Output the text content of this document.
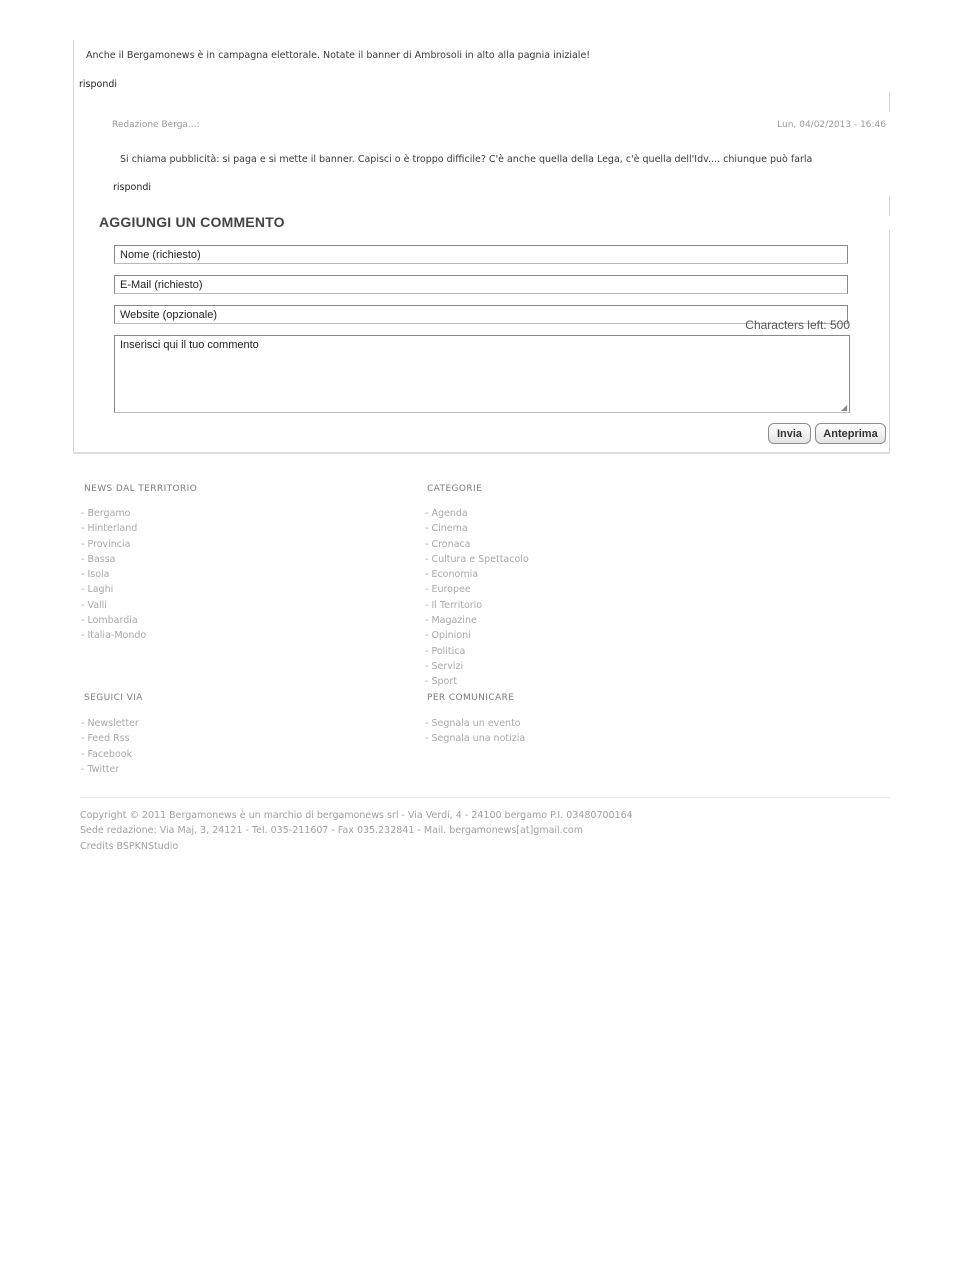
Anche il Bergamonews è in campagna elettorale. Notate il banner di Ambrosoli in alto alla pagnia iniziale!
rispondi
Redazione Berga...:	Lun, 04/02/2013 - 16:46
Si chiama pubblicità: si paga e si mette il banner. Capisci o è troppo difficile? C'è anche quella della Lega, c'è quella dell'Idv.... chiunque può farla
rispondi
AGGIUNGI UN COMMENTO
Nome (richiesto)
E-Mail (richiesto)
Website (opzionale)
Characters left: 500
Inserisci qui il tuo commento
◢
Invia	Anteprima
NEWS DAL TERRITORIO
- Bergamo
- Hinterland
- Provincia
- Bassa
- Isola
- Laghi
- Valli
- Lombardia
- Italia-Mondo
CATEGORIE
- Agenda
- Cinema
- Cronaca
- Cultura e Spettacolo
- Economia
- Europee
- Il Territorio
- Magazine
- Opinioni
- Politica
- Servizi
- Sport
SEGUICI VIA
- Newsletter
- Feed Rss
- Facebook
- Twitter
PER COMUNICARE
- Segnala un evento
- Segnala una notizia
Copyright © 2011 Bergamonews è un marchio di bergamonews srl - Via Verdi, 4 - 24100 bergamo P.I. 03480700164
Sede redazione: Via Maj, 3, 24121 - Tel. 035-211607 - Fax 035.232841 - Mail. bergamonews[at]gmail.com
Credits BSPKNStudio
